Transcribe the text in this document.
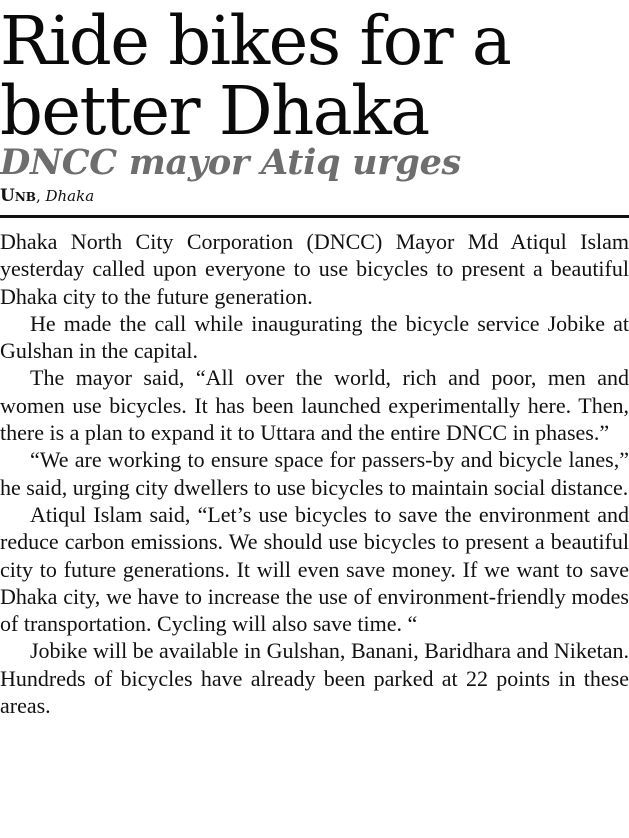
Ride bikes for a better Dhaka
DNCC mayor Atiq urges
Unb, Dhaka

Dhaka North City Corporation (DNCC) Mayor Md Atiqul Islam yesterday called upon everyone to use bicycles to present a beautiful Dhaka city to the future generation.

He made the call while inaugurating the bicycle service Jobike at Gulshan in the capital.

The mayor said, “All over the world, rich and poor, men and women use bicycles. It has been launched experimentally here. Then, there is a plan to expand it to Uttara and the entire DNCC in phases.”

“We are working to ensure space for passers-by and bicycle lanes,” he said, urging city dwellers to use bicycles to maintain social distance.

Atiqul Islam said, “Let’s use bicycles to save the environment and reduce carbon emissions. We should use bicycles to present a beautiful city to future generations. It will even save money. If we want to save Dhaka city, we have to increase the use of environment-friendly modes of transportation. Cycling will also save time. “

Jobike will be available in Gulshan, Banani, Baridhara and Niketan. Hundreds of bicycles have already been parked at 22 points in these areas.
